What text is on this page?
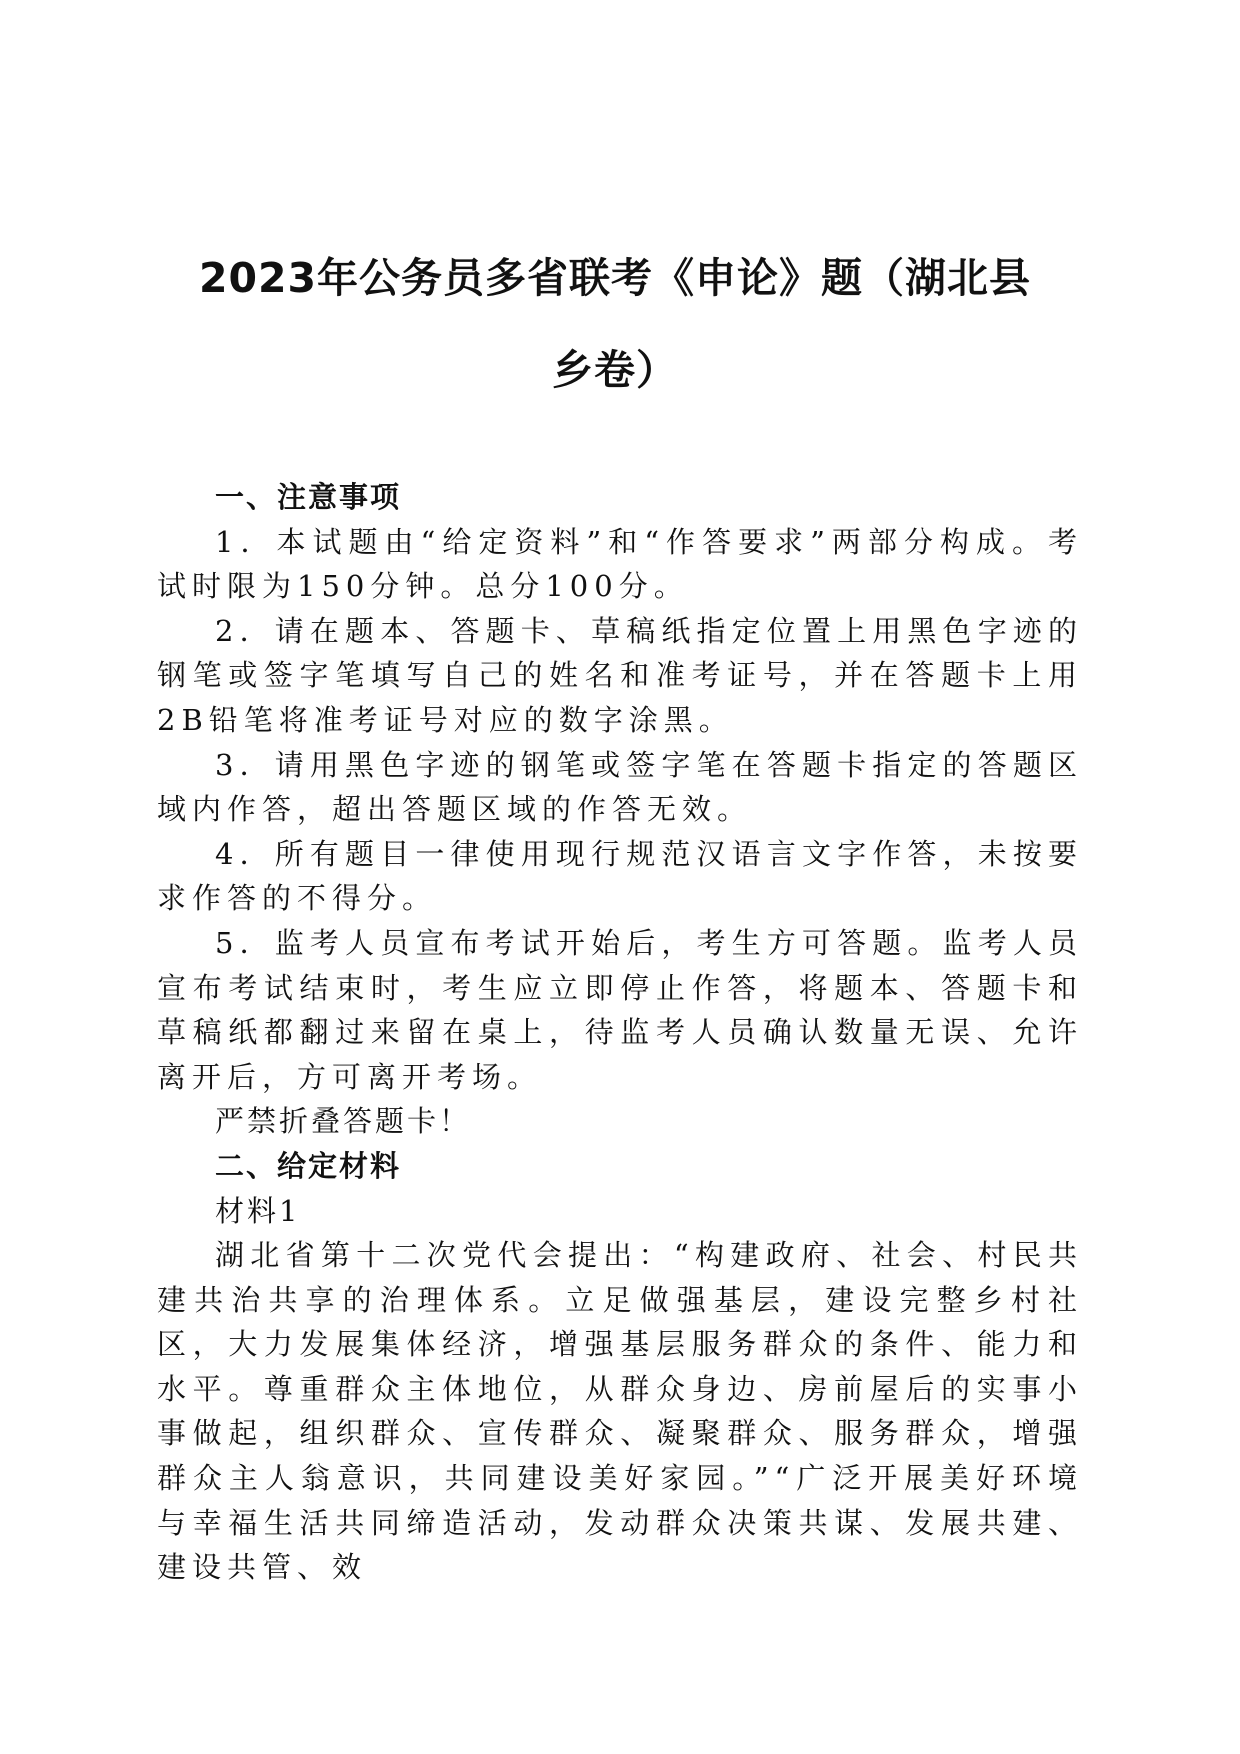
2023年公务员多省联考《申论》题（湖北县
乡卷）

一、注意事项

1．本试题由“给定资料”和“作答要求”两部分构成。考试时限为150分钟。总分100分。

2．请在题本、答题卡、草稿纸指定位置上用黑色字迹的钢笔或签字笔填写自己的姓名和准考证号，并在答题卡上用2B铅笔将准考证号对应的数字涂黑。

3．请用黑色字迹的钢笔或签字笔在答题卡指定的答题区域内作答，超出答题区域的作答无效。

4．所有题目一律使用现行规范汉语言文字作答，未按要求作答的不得分。

5．监考人员宣布考试开始后，考生方可答题。监考人员宣布考试结束时，考生应立即停止作答，将题本、答题卡和草稿纸都翻过来留在桌上，待监考人员确认数量无误、允许离开后，方可离开考场。

严禁折叠答题卡！

二、给定材料

材料1

湖北省第十二次党代会提出：“构建政府、社会、村民共建共治共享的治理体系。立足做强基层，建设完整乡村社区，大力发展集体经济，增强基层服务群众的条件、能力和水平。尊重群众主体地位，从群众身边、房前屋后的实事小事做起，组织群众、宣传群众、凝聚群众、服务群众，增强群众主人翁意识，共同建设美好家园。”“广泛开展美好环境与幸福生活共同缔造活动，发动群众决策共谋、发展共建、建设共管、效
